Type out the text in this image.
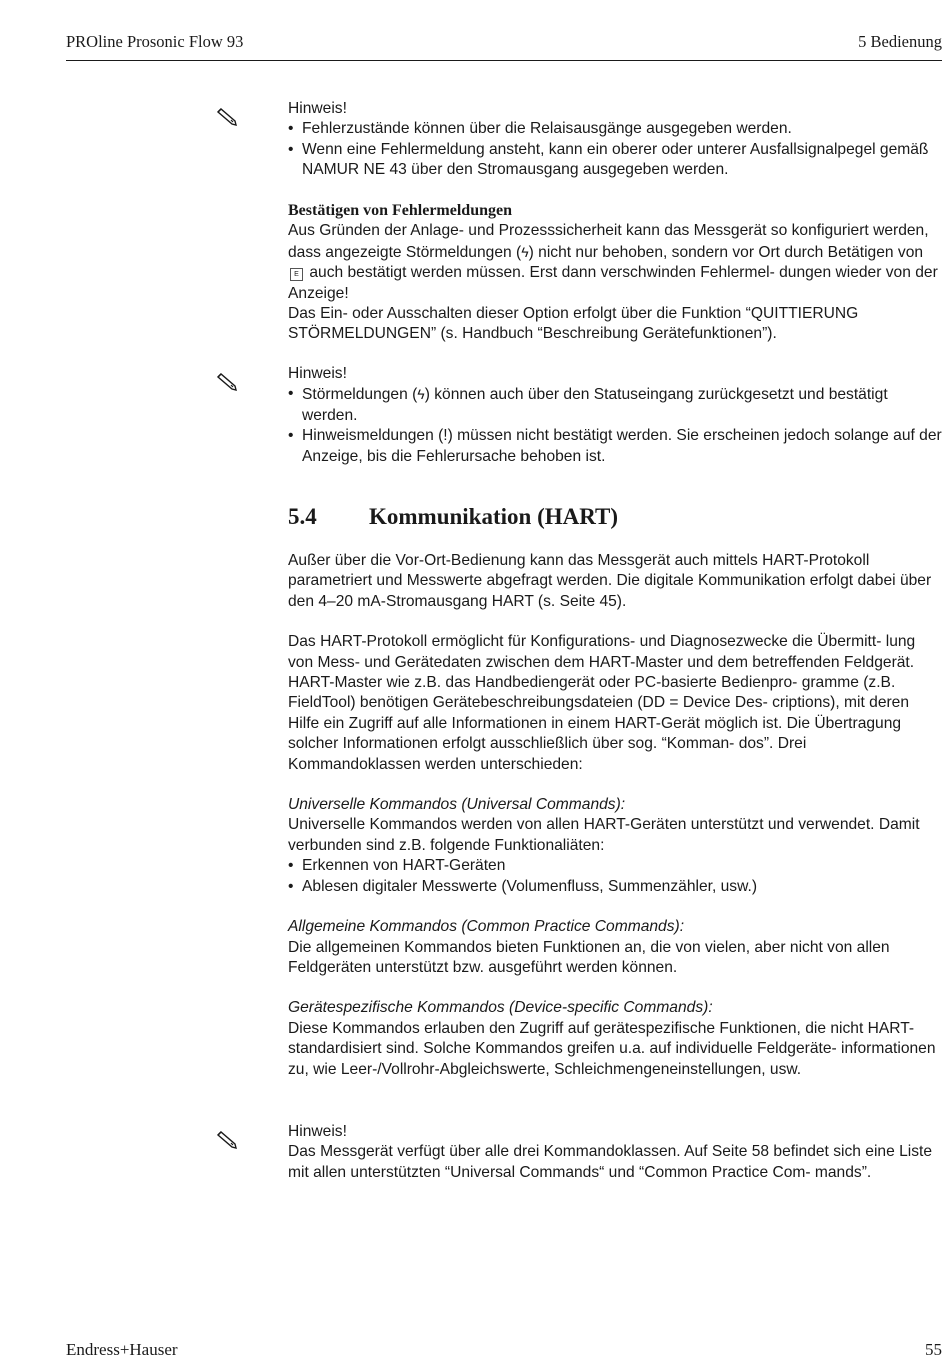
PROline Prosonic Flow 93	5 Bedienung

Hinweis!

• Fehlerzustände können über die Relaisausgänge ausgegeben werden.
• Wenn eine Fehlermeldung ansteht, kann ein oberer oder unterer Ausfallsignalpegel gemäß NAMUR NE 43 über den Stromausgang ausgegeben werden.

Bestätigen von Fehlermeldungen

Aus Gründen der Anlage- und Prozesssicherheit kann das Messgerät so konfiguriert werden, dass angezeigte Störmeldungen (ϟ) nicht nur behoben, sondern vor Ort durch Betätigen von E auch bestätigt werden müssen. Erst dann verschwinden Fehlermel- dungen wieder von der Anzeige!

Das Ein- oder Ausschalten dieser Option erfolgt über die Funktion “QUITTIERUNG STÖRMELDUNGEN” (s. Handbuch “Beschreibung Gerätefunktionen”).

Hinweis!

• Störmeldungen (ϟ) können auch über den Statuseingang zurückgesetzt und bestätigt werden.
• Hinweismeldungen (!) müssen nicht bestätigt werden. Sie erscheinen jedoch solange auf der Anzeige, bis die Fehlerursache behoben ist.
5.4 Kommunikation (HART)

Außer über die Vor-Ort-Bedienung kann das Messgerät auch mittels HART-Protokoll parametriert und Messwerte abgefragt werden. Die digitale Kommunikation erfolgt dabei über den 4–20 mA-Stromausgang HART (s. Seite 45).

Das HART-Protokoll ermöglicht für Konfigurations- und Diagnosezwecke die Übermitt- lung von Mess- und Gerätedaten zwischen dem HART-Master und dem betreffenden Feldgerät. HART-Master wie z.B. das Handbediengerät oder PC-basierte Bedienpro- gramme (z.B. FieldTool) benötigen Gerätebeschreibungsdateien (DD = Device Des- criptions), mit deren Hilfe ein Zugriff auf alle Informationen in einem HART-Gerät möglich ist. Die Übertragung solcher Informationen erfolgt ausschließlich über sog. “Komman- dos”. Drei Kommandoklassen werden unterschieden:

Universelle Kommandos (Universal Commands):

Universelle Kommandos werden von allen HART-Geräten unterstützt und verwendet. Damit verbunden sind z.B. folgende Funktionaliäten:

• Erkennen von HART-Geräten
• Ablesen digitaler Messwerte (Volumenfluss, Summenzähler, usw.)

Allgemeine Kommandos (Common Practice Commands):

Die allgemeinen Kommandos bieten Funktionen an, die von vielen, aber nicht von allen Feldgeräten unterstützt bzw. ausgeführt werden können.

Gerätespezifische Kommandos (Device-specific Commands):

Diese Kommandos erlauben den Zugriff auf gerätespezifische Funktionen, die nicht HART-standardisiert sind. Solche Kommandos greifen u.a. auf individuelle Feldgeräte- informationen zu, wie Leer-/Vollrohr-Abgleichswerte, Schleichmengeneinstellungen, usw.

Hinweis!

Das Messgerät verfügt über alle drei Kommandoklassen. Auf Seite 58 befindet sich eine Liste mit allen unterstützten “Universal Commands“ und “Common Practice Com- mands”.

Endress+Hauser	55
